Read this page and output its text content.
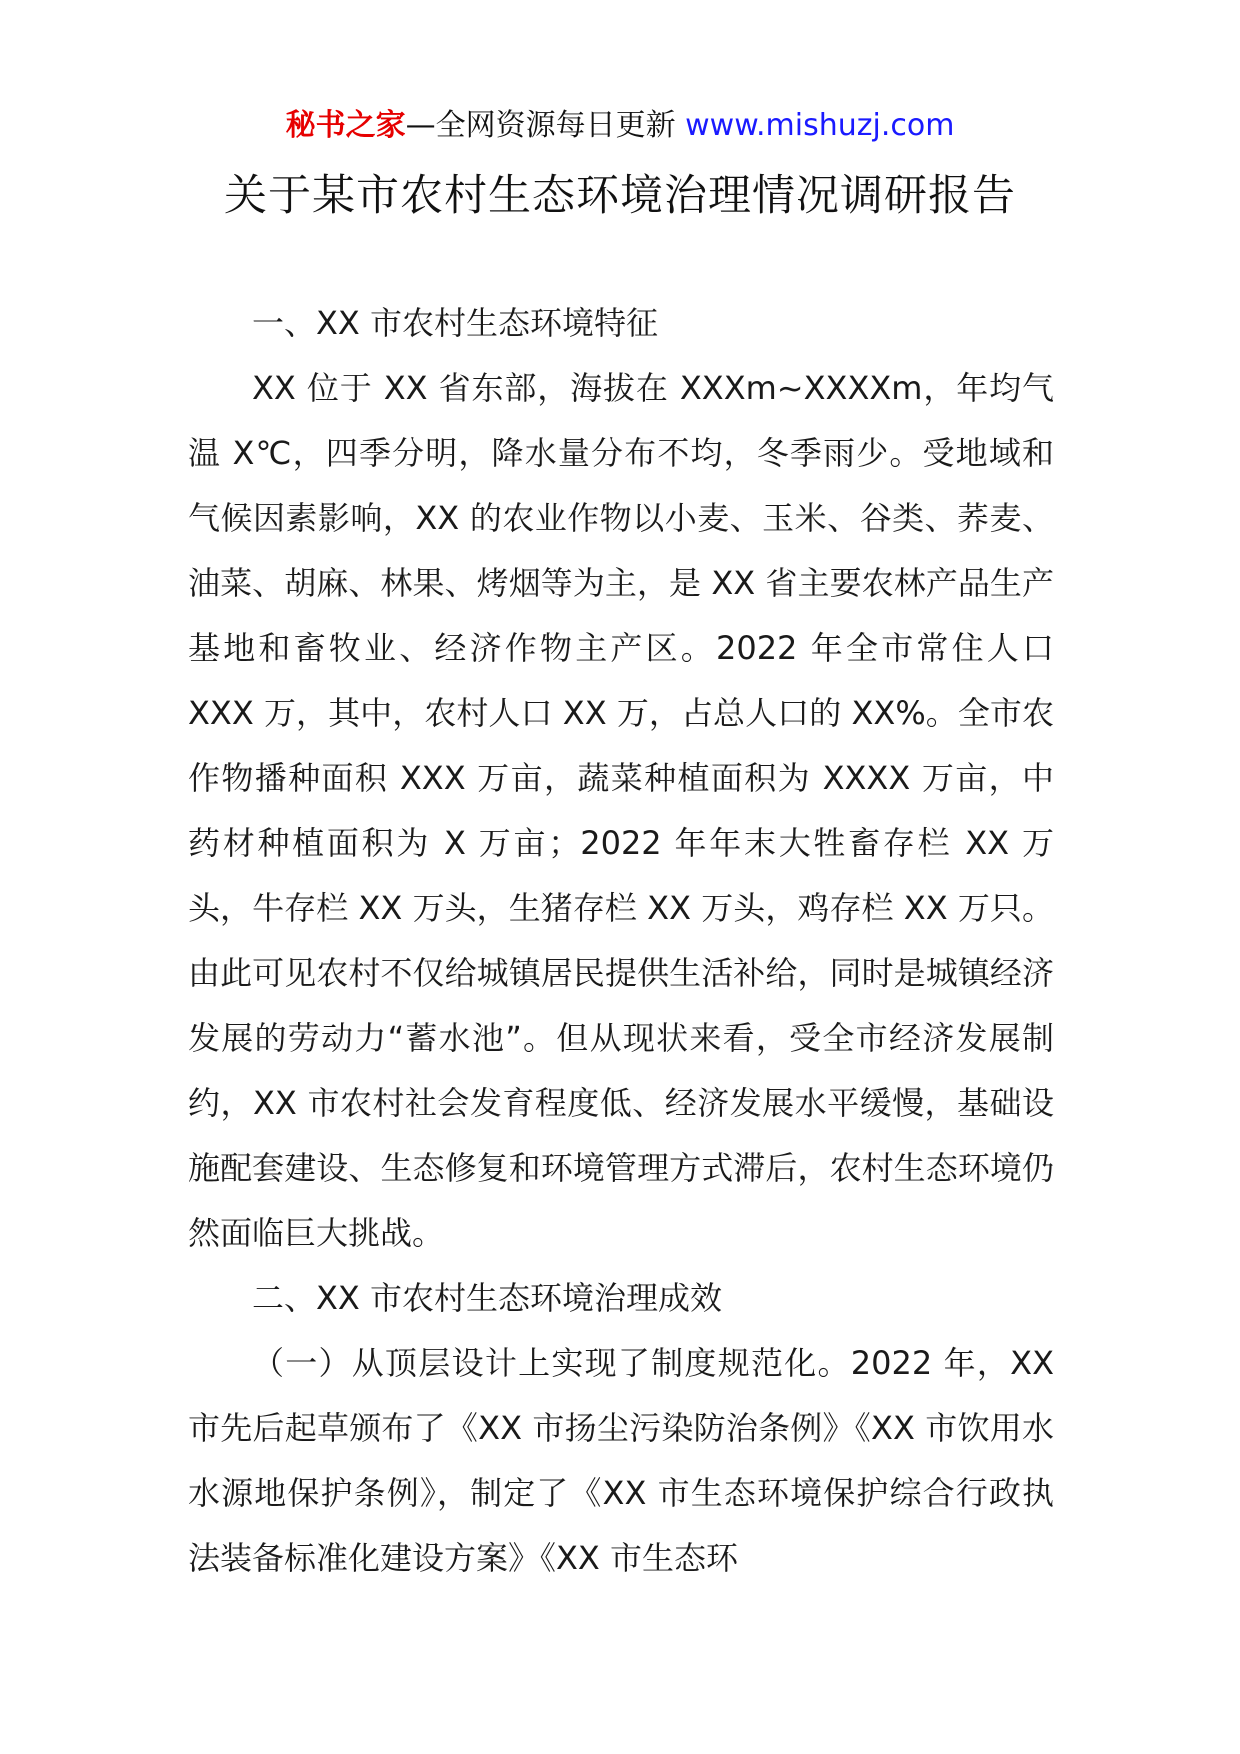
秘书之家—全网资源每日更新 www.mishuzj.com
关于某市农村生态环境治理情况调研报告
一、XX 市农村生态环境特征

XX 位于 XX 省东部，海拔在 XXXm~XXXXm，年均气温 X℃，四季分明，降水量分布不均，冬季雨少。受地域和气候因素影响，XX 的农业作物以小麦、玉米、谷类、荞麦、油菜、胡麻、林果、烤烟等为主，是 XX 省主要农林产品生产基地和畜牧业、经济作物主产区。2022 年全市常住人口 XXX 万，其中，农村人口 XX 万，占总人口的 XX%。全市农作物播种面积 XXX 万亩，蔬菜种植面积为 XXXX 万亩，中药材种植面积为 X 万亩；2022 年年末大牲畜存栏 XX 万头，牛存栏 XX 万头，生猪存栏 XX 万头，鸡存栏 XX 万只。由此可见农村不仅给城镇居民提供生活补给，同时是城镇经济发展的劳动力“蓄水池”。但从现状来看，受全市经济发展制约，XX 市农村社会发育程度低、经济发展水平缓慢，基础设施配套建设、生态修复和环境管理方式滞后，农村生态环境仍然面临巨大挑战。

二、XX 市农村生态环境治理成效

（一）从顶层设计上实现了制度规范化。2022 年，XX 市先后起草颁布了《XX 市扬尘污染防治条例》《XX 市饮用水水源地保护条例》，制定了《XX 市生态环境保护综合行政执法装备标准化建设方案》《XX 市生态环
